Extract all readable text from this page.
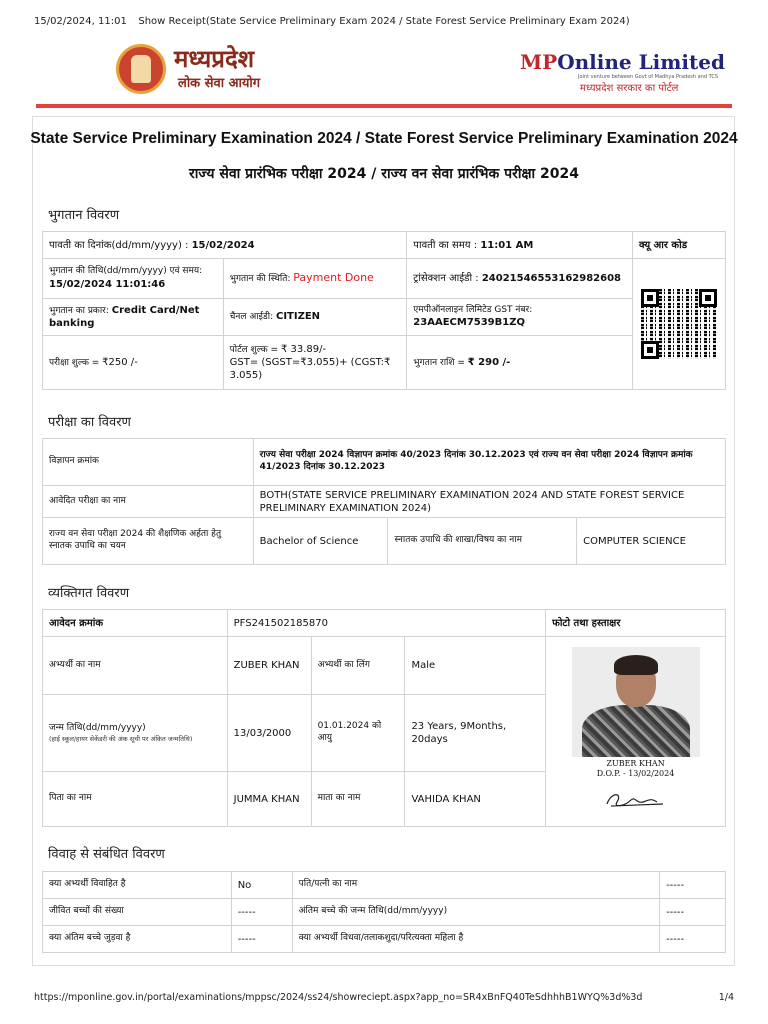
15/02/2024, 11:01	Show Receipt(State Service Preliminary Exam 2024 / State Forest Service Preliminary Exam 2024)
मध्यप्रदेश
लोक सेवा आयोग
MPOnline Limited
Joint venture between Govt of Madhya Pradesh and TCS
मध्यप्रदेश सरकार का पोर्टल
State Service Preliminary Examination 2024 / State Forest Service Preliminary Examination 2024
राज्य सेवा प्रारंभिक परीक्षा 2024 / राज्य वन सेवा प्रारंभिक परीक्षा 2024
भुगतान विवरण
पावती का दिनांक(dd/mm/yyyy) : 15/02/2024		पावती का समय : 11:01 AM	क्यू आर कोड

भुगतान की तिथि(dd/mm/yyyy) एवं समय:
15/02/2024 11:01:46	भुगतान की स्थिति: Payment Done	ट्रांसेक्शन आईडी : 24021546553162982608	

भुगतान का प्रकार: Credit Card/Net banking	चैनल आईडी: CITIZEN	एमपीऑनलाइन लिमिटेड GST नंबर:
23AAECM7539B1ZQ	

परीक्षा शुल्क = ₹250 /-	पोर्टल शुल्क = ₹ 33.89/-
GST= (SGST=₹3.055)+ (CGST:₹ 3.055)	भुगतान राशि = ₹ 290 /-	
परीक्षा का विवरण
विज्ञापन क्रमांक	राज्य सेवा परीक्षा 2024 विज्ञापन क्रमांक 40/2023 दिनांक 30.12.2023 एवं राज्य वन सेवा परीक्षा 2024 विज्ञापन क्रमांक 41/2023 दिनांक 30.12.2023		
आवेदित परीक्षा का नाम	BOTH(STATE SERVICE PRELIMINARY EXAMINATION 2024 AND STATE FOREST SERVICE PRELIMINARY EXAMINATION 2024)		
राज्य वन सेवा परीक्षा 2024 की शैक्षणिक अर्हता हेतु स्नातक उपाधि का चयन	Bachelor of Science	स्नातक उपाधि की शाखा/विषय का नाम	COMPUTER SCIENCE
व्यक्तिगत विवरण
आवेदन क्रमांक	PFS241502185870			फोटो तथा हस्ताक्षर
अभ्यर्थी का नाम	ZUBER KHAN	अभ्यर्थी का लिंग	Male	ZUBER KHAN
D.O.P. - 13/02/2024

जन्म तिथि(dd/mm/yyyy)
(हाई स्कूल/हायर सेकेंडरी की अंक सूची पर अंकित जन्मतिथि)	13/03/2000	01.01.2024 को आयु	23 Years, 9Months, 20days	
पिता का नाम	JUMMA KHAN	माता का नाम	VAHIDA KHAN	
विवाह से संबंधित विवरण
क्या अभ्यर्थी विवाहित है	No	पति/पत्नी का नाम	-----
जीवित बच्चों की संख्या	-----	अंतिम बच्चे की जन्म तिथि(dd/mm/yyyy)	-----
क्या अंतिम बच्चे जुड़वा है	-----	क्या अभ्यर्थी विधवा/तलाकशुदा/परित्यक्ता महिला है	-----
https://mponline.gov.in/portal/examinations/mppsc/2024/ss24/showreciept.aspx?app_no=SR4xBnFQ40TeSdhhhB1WYQ%3d%3d	1/4
